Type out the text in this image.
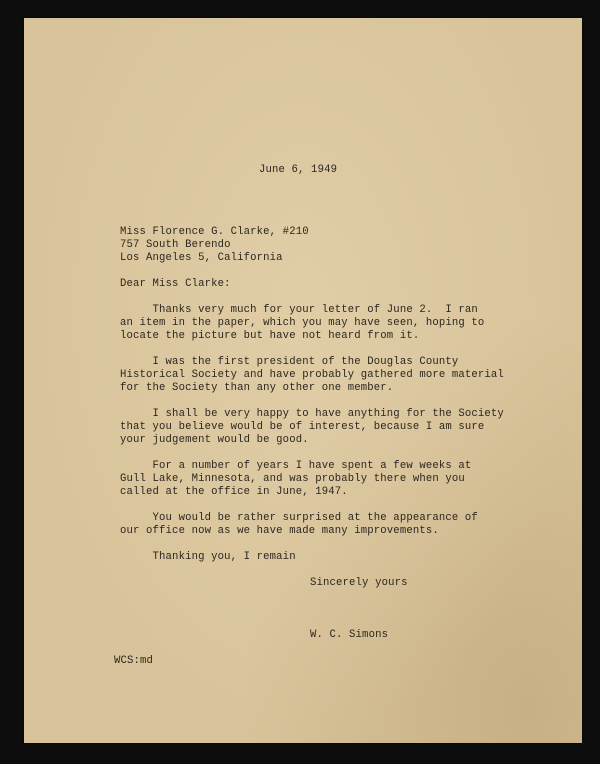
June 6, 1949
Miss Florence G. Clarke, #210
757 South Berendo
Los Angeles 5, California
Dear Miss Clarke:
Thanks very much for your letter of June 2.  I ran
an item in the paper, which you may have seen, hoping to
locate the picture but have not heard from it.
I was the first president of the Douglas County
Historical Society and have probably gathered more material
for the Society than any other one member.
I shall be very happy to have anything for the Society
that you believe would be of interest, because I am sure
your judgement would be good.
For a number of years I have spent a few weeks at
Gull Lake, Minnesota, and was probably there when you
called at the office in June, 1947.
You would be rather surprised at the appearance of
our office now as we have made many improvements.
Thanking you, I remain
Sincerely yours
W. C. Simons
WCS:md
